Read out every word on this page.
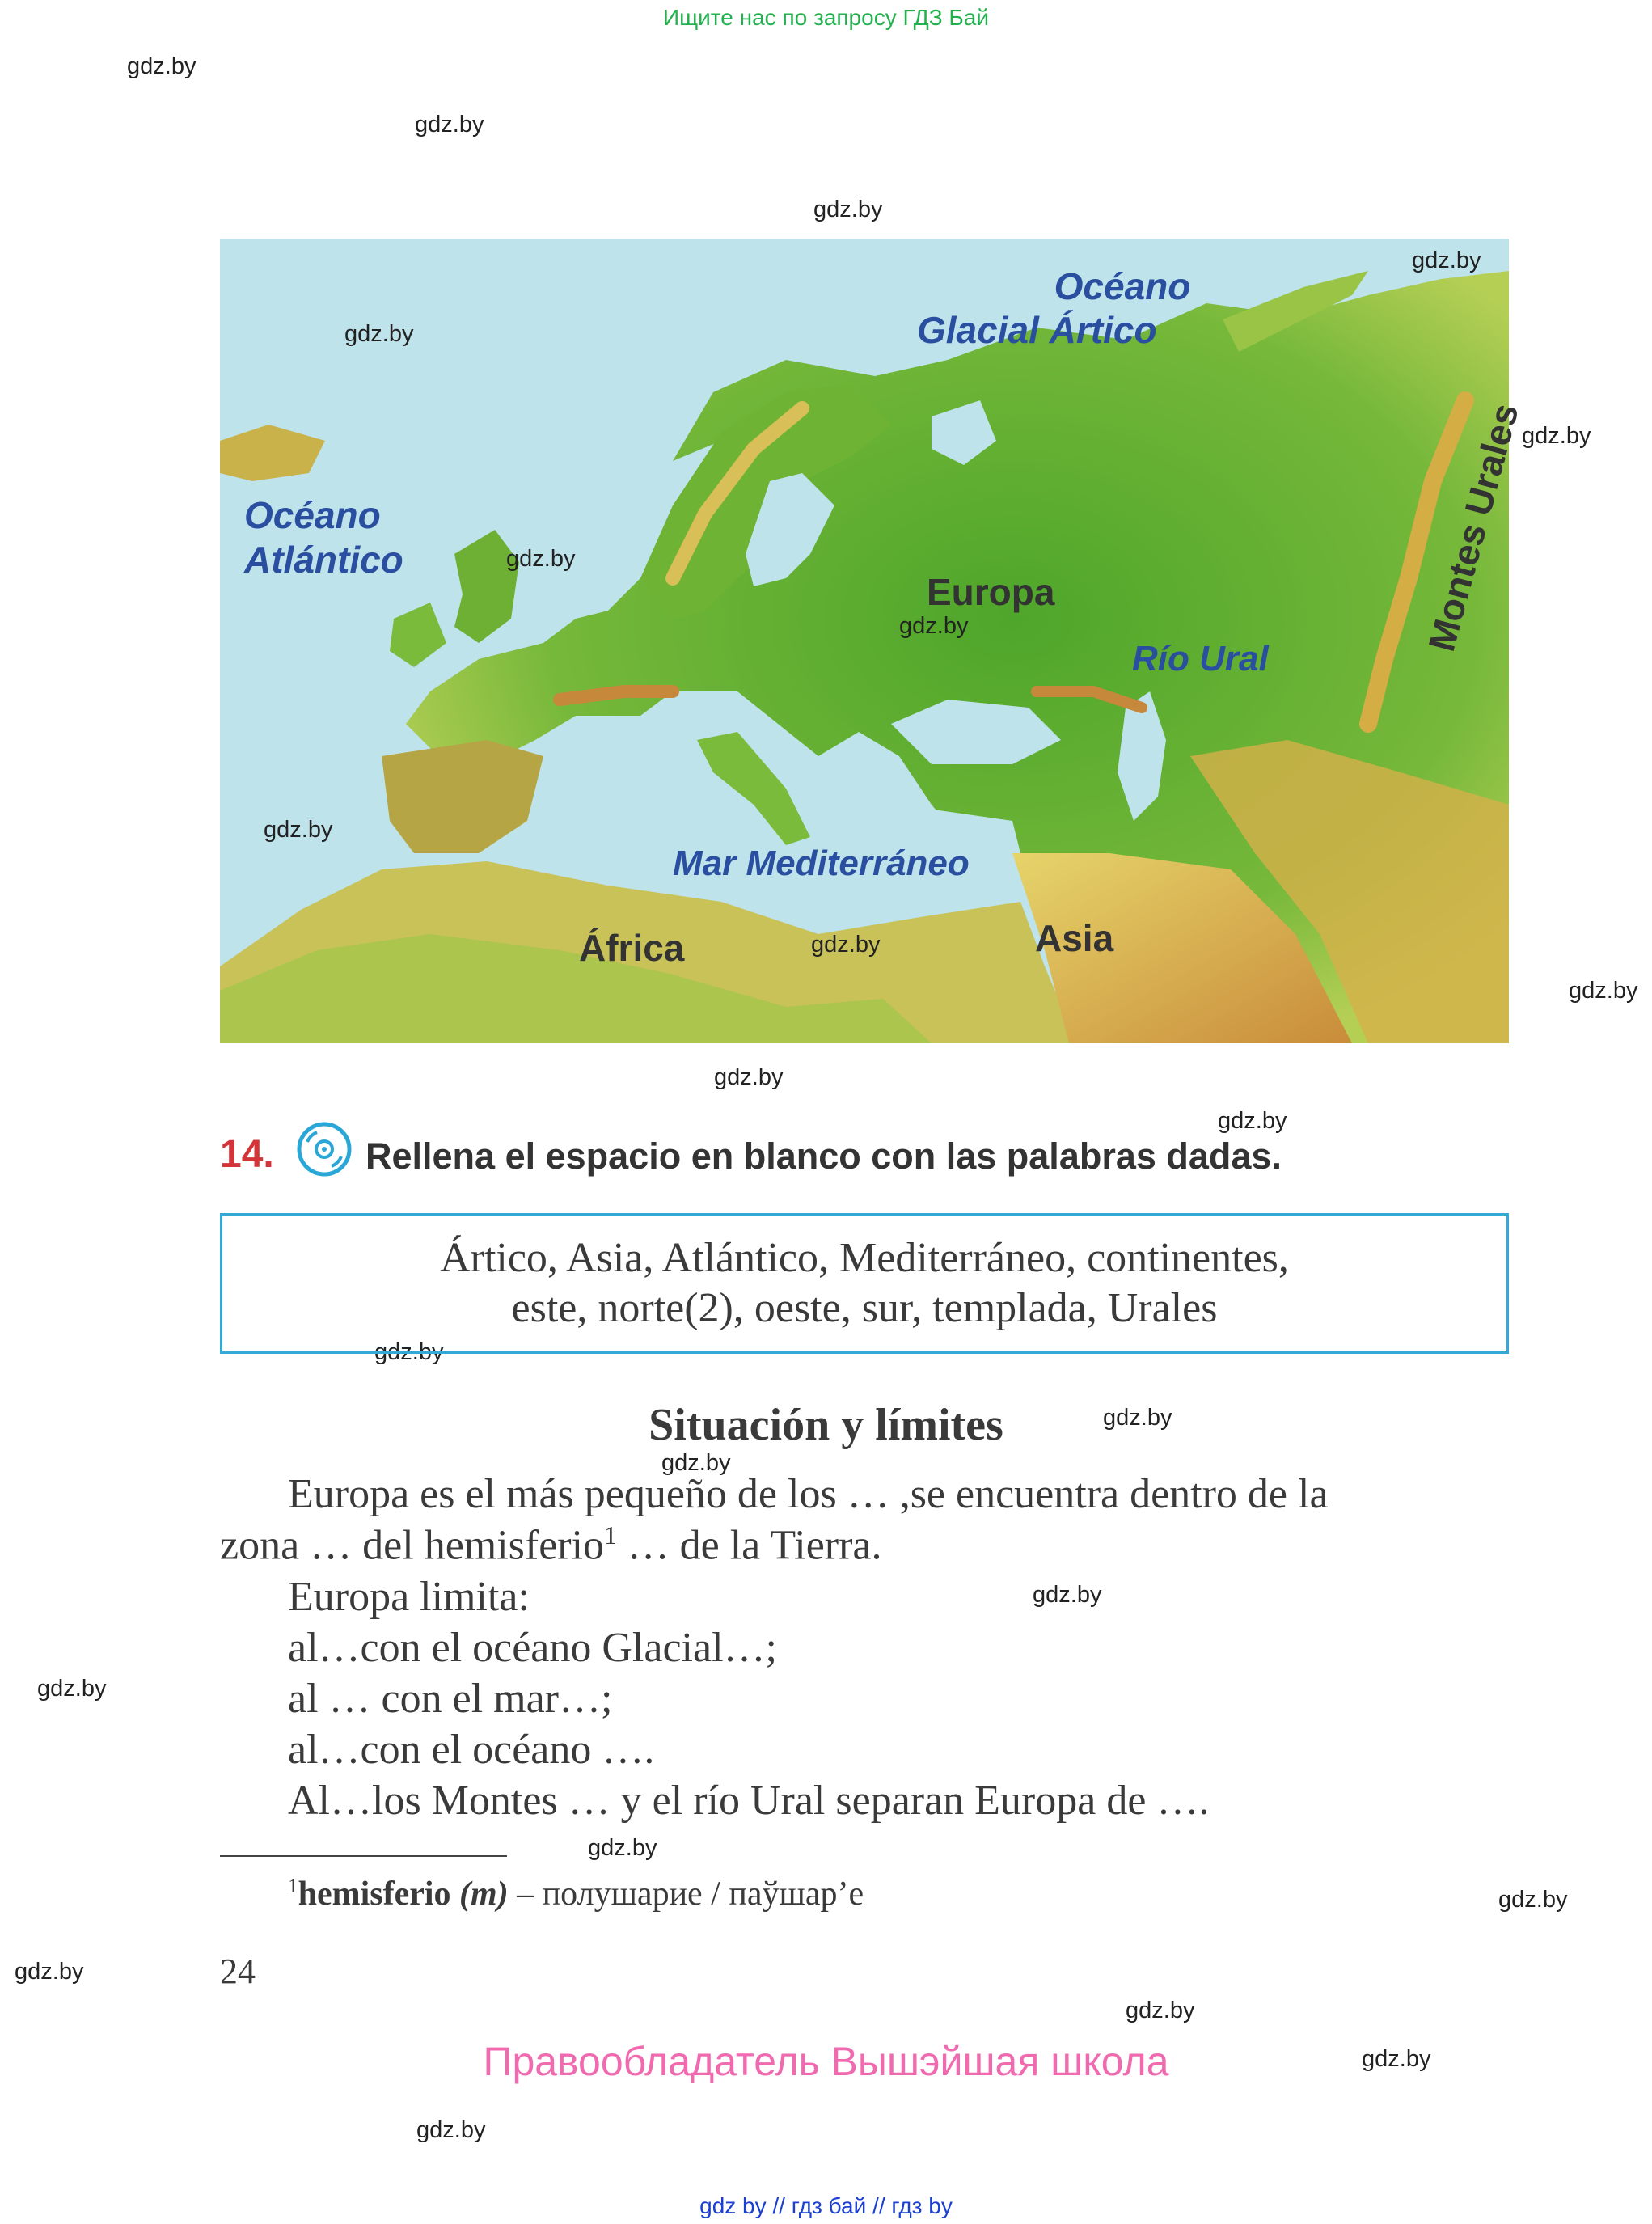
Ищите нас по запросу ГДЗ Бай
gdz.by
gdz.by
gdz.by
gdz.by
gdz.by
gdz.by
gdz.by
gdz.by
gdz.by
gdz.by
gdz.by
gdz.by
gdz.by
gdz.by
gdz.by
gdz.by
gdz.by
gdz.by
Océano
Glacial Ártico
Océano
Atlántico
Europa
Río Ural
Montes Urales
Mar Mediterráneo
África	Asia
gdz.by
gdz.by
gdz.by
gdz.by
gdz.by
gdz.by
14.	Rellena el espacio en blanco con las palabras dadas.
Ártico, Asia, Atlántico, Mediterráneo, continentes,
este, norte(2), oeste, sur, templada, Urales
Situación y límites
Europa es el más pequeño de los … ,se encuentra dentro de la
zona … del hemisferio$^1$ … de la Tierra.
Europa limita:
al…con el océano Glacial…;
al … con el mar…;
al…con el océano ….
Al…los Montes … y el río Ural separan Europa de ….
$^1$hemisferio (m) – полушарие / паўшар’е
24
Правообладатель Вышэйшая школа
gdz by // гдз бай // гдз by
